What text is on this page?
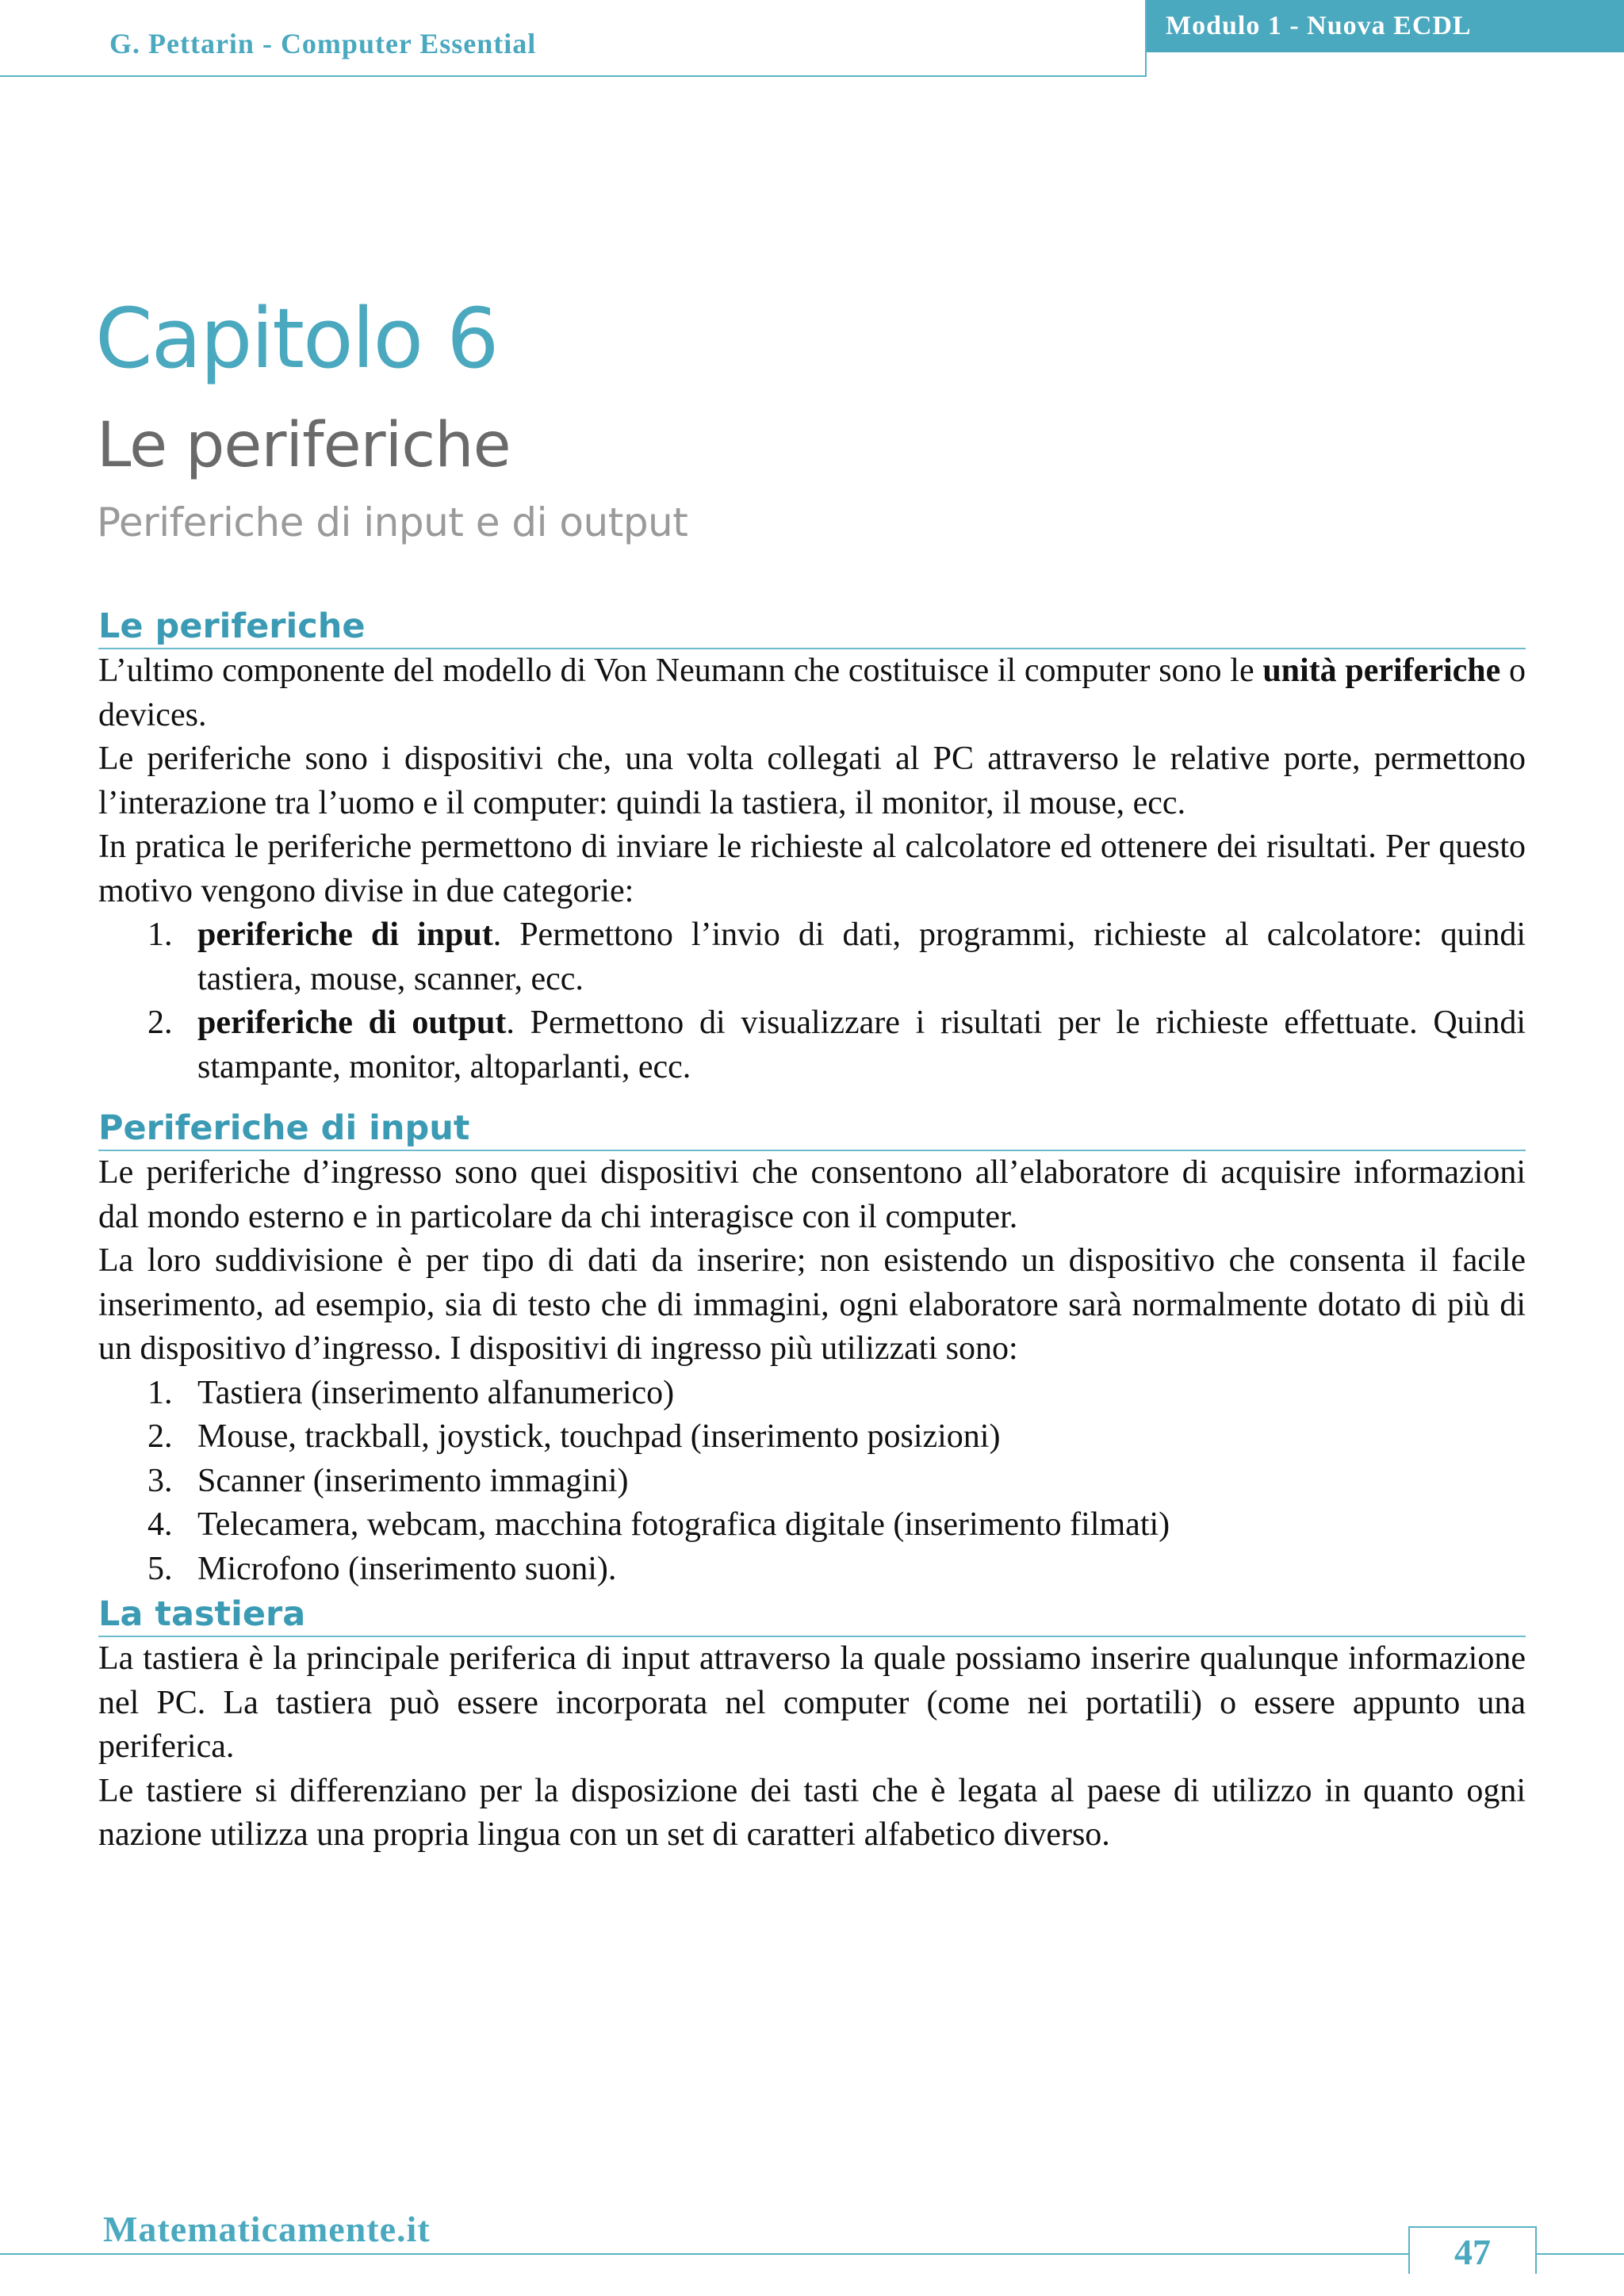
G. Pettarin - Computer Essential
Modulo 1 - Nuova ECDL
Capitolo 6
Le periferiche
Periferiche di input e di output
Le periferiche

L’ultimo componente del modello di Von Neumann che costituisce il computer sono le unità periferiche o devices.

Le periferiche sono i dispositivi che, una volta collegati al PC attraverso le relative porte, permettono l’interazione tra l’uomo e il computer: quindi la tastiera, il monitor, il mouse, ecc.

In pratica le periferiche permettono di inviare le richieste al calcolatore ed ottenere dei risultati. Per questo motivo vengono divise in due categorie:

1. periferiche di input. Permettono l’invio di dati, programmi, richieste al calcolatore: quindi tastiera, mouse, scanner, ecc.
2. periferiche di output. Permettono di visualizzare i risultati per le richieste effettuate. Quindi stampante, monitor, altoparlanti, ecc.
Periferiche di input

Le periferiche d’ingresso sono quei dispositivi che consentono all’elaboratore di acquisire informazioni dal mondo esterno e in particolare da chi interagisce con il computer.

La loro suddivisione è per tipo di dati da inserire; non esistendo un dispositivo che consenta il facile inserimento, ad esempio, sia di testo che di immagini, ogni elaboratore sarà normalmente dotato di più di un dispositivo d’ingresso. I dispositivi di ingresso più utilizzati sono:

1. Tastiera (inserimento alfanumerico)
2. Mouse, trackball, joystick, touchpad (inserimento posizioni)
3. Scanner (inserimento immagini)
4. Telecamera, webcam, macchina fotografica digitale (inserimento filmati)
5. Microfono (inserimento suoni).
La tastiera

La tastiera è la principale periferica di input attraverso la quale possiamo inserire qualunque informazione nel PC. La tastiera può essere incorporata nel computer (come nei portatili) o essere appunto una periferica.

Le tastiere si differenziano per la disposizione dei tasti che è legata al paese di utilizzo in quanto ogni nazione utilizza una propria lingua con un set di caratteri alfabetico diverso.

Matematicamente.it
47
